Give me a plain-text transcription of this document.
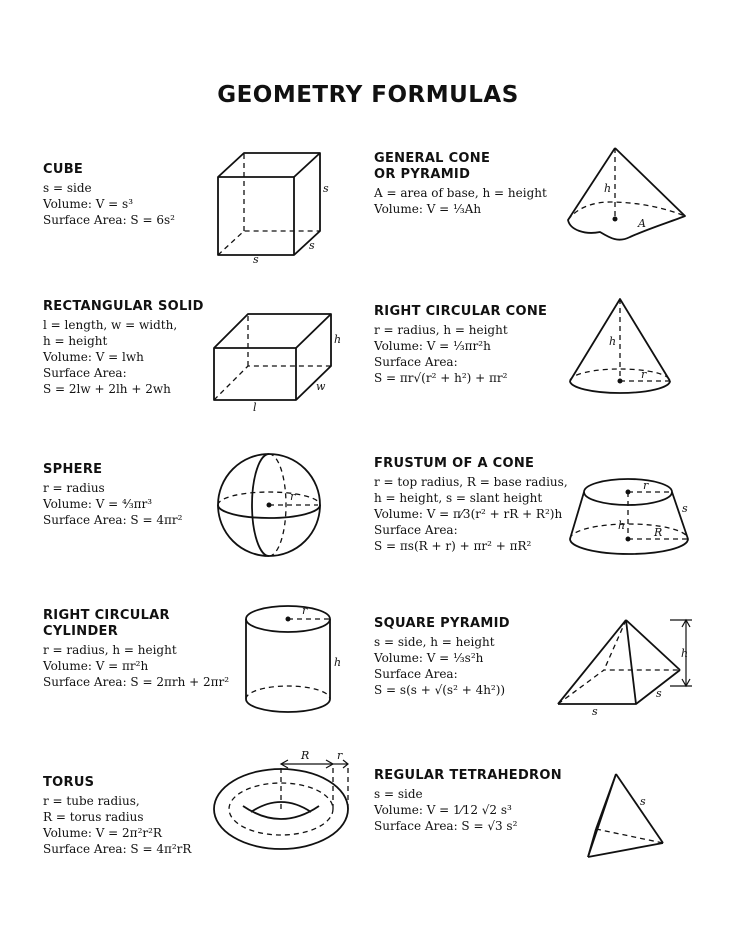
GEOMETRY FORMULAS
CUBE
s = side
Volume: V = s³
Surface Area: S = 6s²
s
s
s
RECTANGULAR SOLID
l = length, w = width,
h = height
Volume: V = lwh
Surface Area:
S = 2lw + 2lh + 2wh
h
w
l
SPHERE
r = radius
Volume: V = ⁴⁄₃πr³
Surface Area: S = 4πr²
r
RIGHT CIRCULAR
CYLINDER
r = radius, h = height
Volume: V = πr²h
Surface Area: S = 2πrh + 2πr²
r
h
TORUS
r = tube radius,
R = torus radius
Volume: V = 2π²r²R
Surface Area: S = 4π²rR
R	r
GENERAL CONE
OR PYRAMID
A = area of base, h = height
Volume: V = ⅓Ah
h
A
RIGHT CIRCULAR CONE
r = radius, h = height
Volume: V = ⅓πr²h
Surface Area:
S = πr√(r² + h²) + πr²
h
r
FRUSTUM OF A CONE
r = top radius, R = base radius,
h = height, s = slant height
Volume: V = π⁄3(r² + rR + R²)h
Surface Area:
S = πs(R + r) + πr² + πR²
r
s
h
R
SQUARE PYRAMID
s = side, h = height
Volume: V = ⅓s²h
Surface Area:
S = s(s + √(s² + 4h²))
h
s
s
REGULAR TETRAHEDRON
s = side
Volume: V = 1⁄12 √2 s³
Surface Area: S = √3 s²
s
